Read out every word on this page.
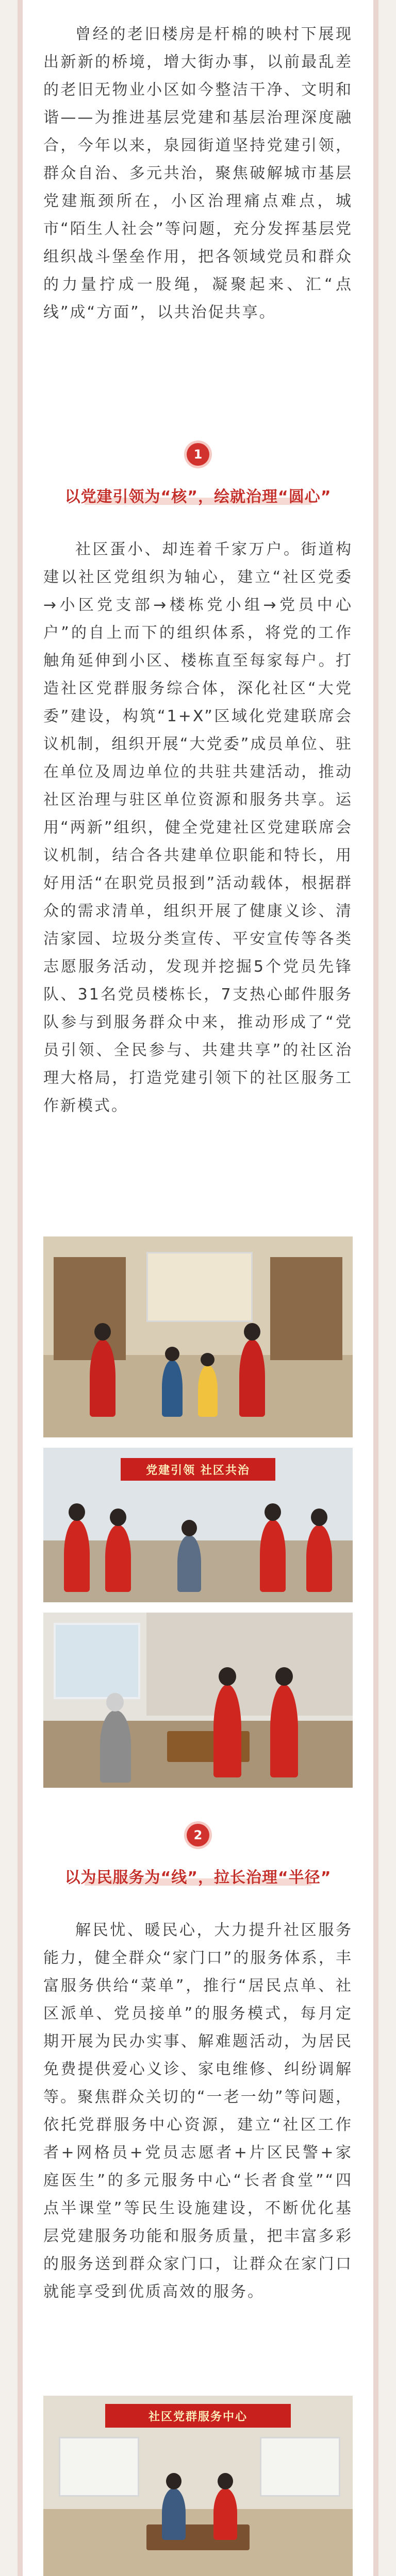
曾经的老旧楼房是杆棉的映村下展现出新新的桥境，增大街办事，以前最乱差的老旧无物业小区如今整洁干净、文明和谐——为推进基层党建和基层治理深度融合，今年以来，泉园街道坚持党建引领，群众自治、多元共治，聚焦破解城市基层党建瓶颈所在，小区治理痛点难点，城市“陌生人社会”等问题，充分发挥基层党组织战斗堡垒作用，把各领域党员和群众的力量拧成一股绳，凝聚起来、汇“点线”成“方面”，以共治促共享。

1
以党建引领为“核”，绘就治理“圆心”

社区蛋小、却连着千家万户。街道构建以社区党组织为轴心，建立“社区党委→小区党支部→楼栋党小组→党员中心户”的自上而下的组织体系，将党的工作触角延伸到小区、楼栋直至每家每户。打造社区党群服务综合体，深化社区“大党委”建设，构筑“1+X”区域化党建联席会议机制，组织开展“大党委”成员单位、驻在单位及周边单位的共驻共建活动，推动社区治理与驻区单位资源和服务共享。运用“两新”组织，健全党建社区党建联席会议机制，结合各共建单位职能和特长，用好用活“在职党员报到”活动载体，根据群众的需求清单，组织开展了健康义诊、清洁家园、垃圾分类宣传、平安宣传等各类志愿服务活动，发现并挖掘5个党员先锋队、31名党员楼栋长，7支热心邮件服务队参与到服务群众中来，推动形成了“党员引领、全民参与、共建共享”的社区治理大格局，打造党建引领下的社区服务工作新模式。

党建引领 社区共治
2
以为民服务为“线”，拉长治理“半径”

解民忧、暖民心，大力提升社区服务能力，健全群众“家门口”的服务体系，丰富服务供给“菜单”，推行“居民点单、社区派单、党员接单”的服务模式，每月定期开展为民办实事、解难题活动，为居民免费提供爱心义诊、家电维修、纠纷调解等。聚焦群众关切的“一老一幼”等问题，依托党群服务中心资源，建立“社区工作者+网格员+党员志愿者+片区民警+家庭医生”的多元服务中心“长者食堂”“四点半课堂”等民生设施建设，不断优化基层党建服务功能和服务质量，把丰富多彩的服务送到群众家门口，让群众在家门口就能享受到优质高效的服务。

社区党群服务中心
